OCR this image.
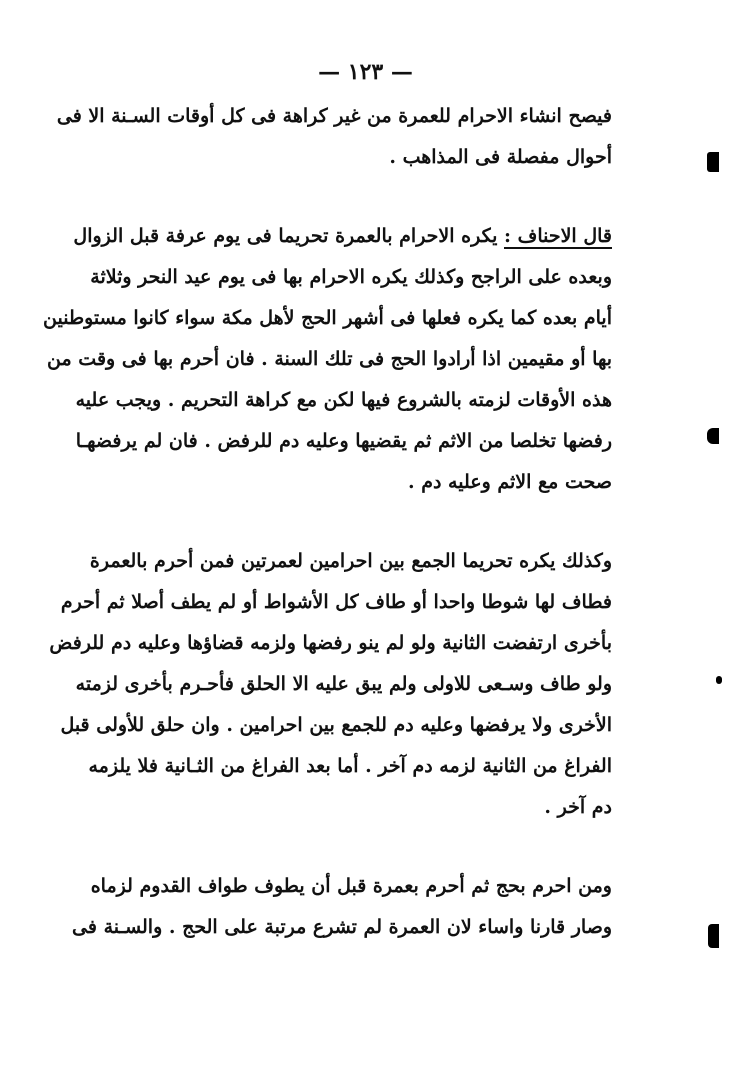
— ١٢٣ —
فيصح انشاء الاحرام للعمرة من غير كراهة فى كل أوقات السـنة الا فى
أحوال مفصلة فى المذاهب .
قال الاحناف : يكره الاحرام بالعمرة تحريما فى يوم عرفة قبل الزوال
وبعده على الراجح وكذلك يكره الاحرام بها فى يوم عيد النحر وثلاثة
أيام بعده كما يكره فعلها فى أشهر الحج لأهل مكة سواء كانوا مستوطنين
بها أو مقيمين اذا أرادوا الحج فى تلك السنة . فان أحرم بها فى وقت من
هذه الأوقات لزمته بالشروع فيها لكن مع كراهة التحريم . ويجب عليه
رفضها تخلصا من الاثم ثم يقضيها وعليه دم للرفض . فان لم يرفضهـا
صحت مع الاثم وعليه دم .
وكذلك يكره تحريما الجمع بين احرامين لعمرتين فمن أحرم بالعمرة
فطاف لها شوطا واحدا أو طاف كل الأشواط أو لم يطف أصلا ثم أحرم
بأخرى ارتفضت الثانية ولو لم ينو رفضها ولزمه قضاؤها وعليه دم للرفض
ولو طاف وسـعى للاولى ولم يبق عليه الا الحلق فأحـرم بأخرى لزمته
الأخرى ولا يرفضها وعليه دم للجمع بين احرامين . وان حلق للأولى قبل
الفراغ من الثانية لزمه دم آخر . أما بعد الفراغ من الثـانية فلا يلزمه
دم آخر .
ومن احرم بحج ثم أحرم بعمرة قبل أن يطوف طواف القدوم لزماه
وصار قارنا واساء لان العمرة لم تشرع مرتبة على الحج . والسـنة فى
